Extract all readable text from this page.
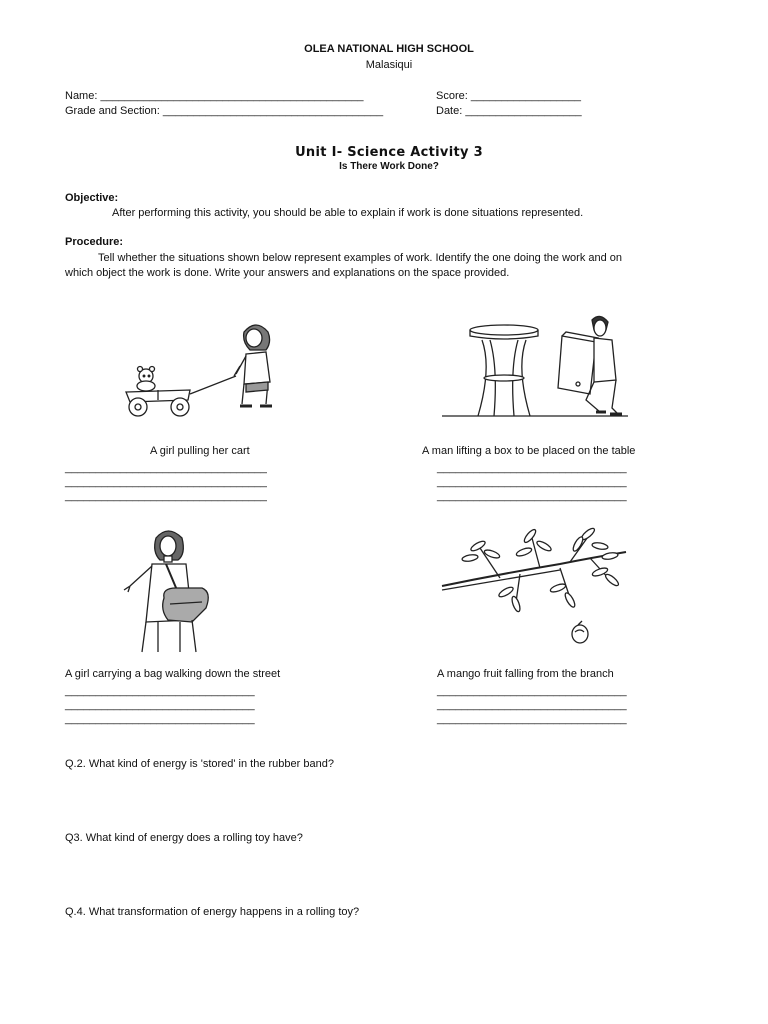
OLEA NATIONAL HIGH SCHOOL
Malasiqui
Name: ___________________________________________	Score: __________________
Grade and Section: ____________________________________	Date: ___________________
Unit I- Science Activity 3
Is There Work Done?
Objective:
After performing this activity, you should be able to explain if work is done situations represented.
Procedure:
Tell whether the situations shown below represent examples of work. Identify the one doing the work and on
which object the work is done. Write your answers and explanations on the space provided.
A girl pulling her cart
_________________________________
_________________________________
_________________________________
A man lifting a box to be placed on the table
_______________________________
_______________________________
_______________________________
A girl carrying a bag walking down the street
_______________________________
_______________________________
_______________________________
A mango fruit falling from the branch
_______________________________
_______________________________
_______________________________
Q.2. What kind of energy is 'stored' in the rubber band?
Q3. What kind of energy does a rolling toy have?
Q.4. What transformation of energy happens in a rolling toy?
